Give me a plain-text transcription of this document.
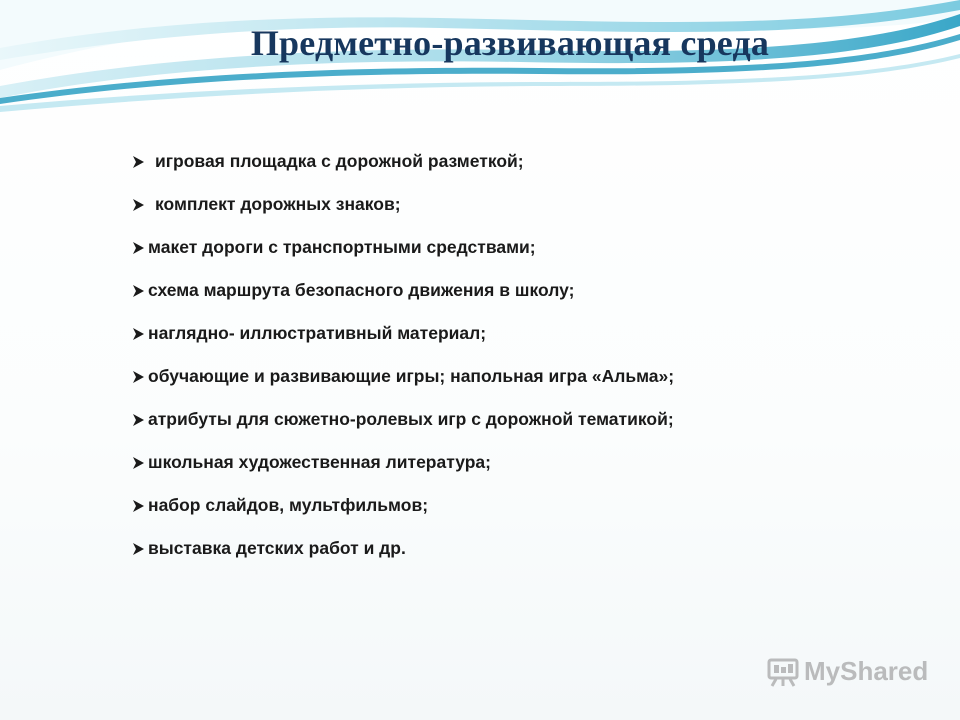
Предметно-развивающая среда
игровая площадка с дорожной разметкой;
комплект дорожных знаков;
макет дороги с транспортными средствами;
схема маршрута безопасного движения в школу;
наглядно- иллюстративный материал;
обучающие и развивающие игры; напольная игра «Альма»;
атрибуты для сюжетно-ролевых игр с дорожной тематикой;
школьная художественная литература;
набор слайдов, мультфильмов;
выставка детских работ и др.
MyShared
